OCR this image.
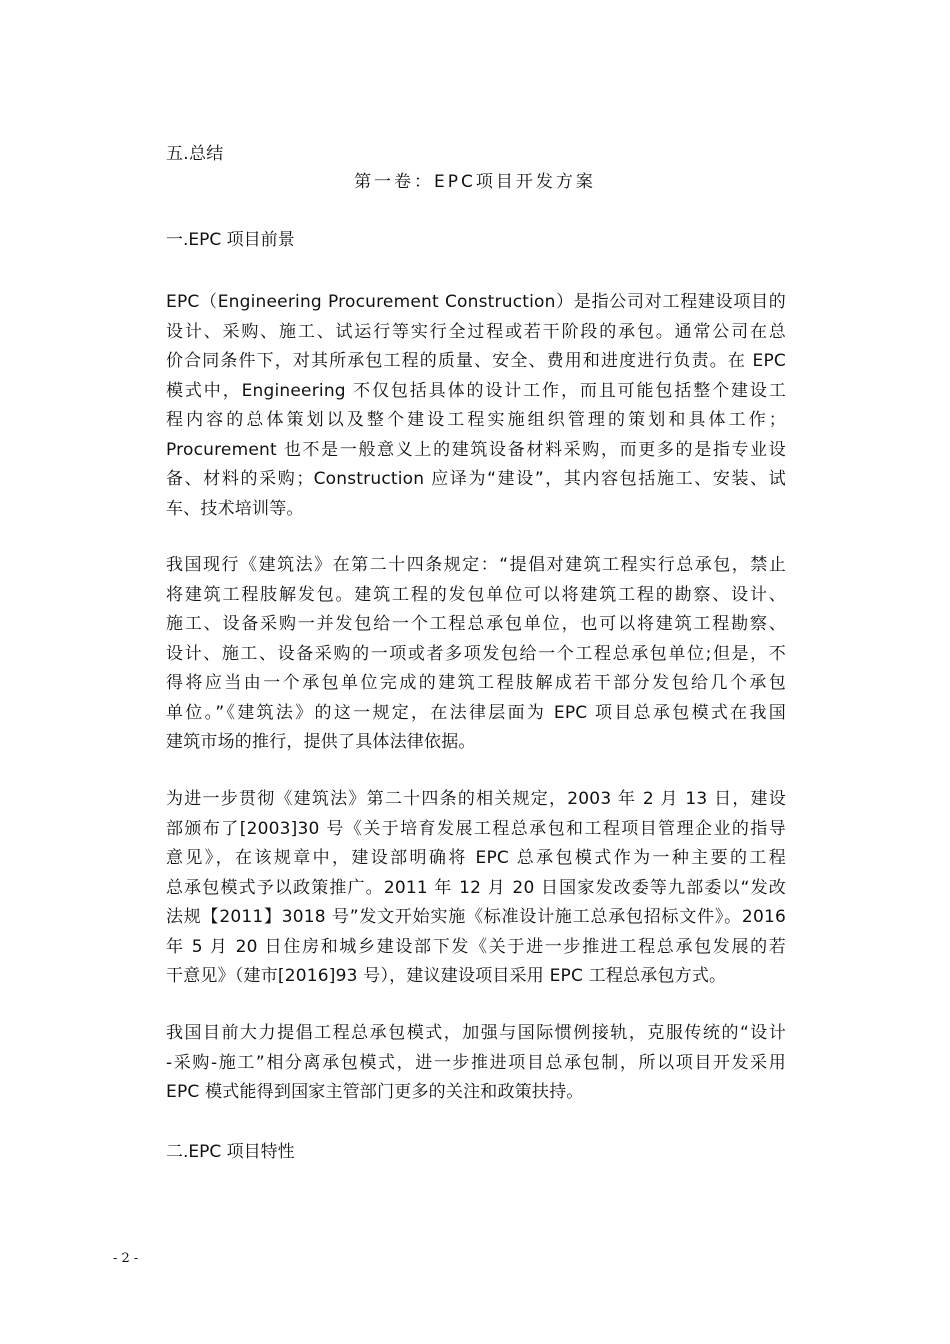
五.总结
第一卷：EPC项目开发方案
一.EPC 项目前景
EPC（Engineering Procurement Construction）是指公司对工程建设项目的
设计、采购、施工、试运行等实行全过程或若干阶段的承包。通常公司在总
价合同条件下，对其所承包工程的质量、安全、费用和进度进行负责。在 EPC
模式中，Engineering 不仅包括具体的设计工作，而且可能包括整个建设工
程内容的总体策划以及整个建设工程实施组织管理的策划和具体工作；
Procurement 也不是一般意义上的建筑设备材料采购，而更多的是指专业设
备、材料的采购；Construction 应译为“建设”，其内容包括施工、安装、试
车、技术培训等。
我国现行《建筑法》在第二十四条规定：“提倡对建筑工程实行总承包，禁止
将建筑工程肢解发包。建筑工程的发包单位可以将建筑工程的勘察、设计、
施工、设备采购一并发包给一个工程总承包单位，也可以将建筑工程勘察、
设计、施工、设备采购的一项或者多项发包给一个工程总承包单位;但是，不
得将应当由一个承包单位完成的建筑工程肢解成若干部分发包给几个承包
单位。”《建筑法》的这一规定，在法律层面为 EPC 项目总承包模式在我国
建筑市场的推行，提供了具体法律依据。
为进一步贯彻《建筑法》第二十四条的相关规定，2003 年 2 月 13 日，建设
部颁布了[2003]30 号《关于培育发展工程总承包和工程项目管理企业的指导
意见》，在该规章中，建设部明确将 EPC 总承包模式作为一种主要的工程
总承包模式予以政策推广。2011 年 12 月 20 日国家发改委等九部委以“发改
法规【2011】3018 号”发文开始实施《标准设计施工总承包招标文件》。2016
年 5 月 20 日住房和城乡建设部下发《关于进一步推进工程总承包发展的若
干意见》（建市[2016]93 号），建议建设项目采用 EPC 工程总承包方式。
我国目前大力提倡工程总承包模式，加强与国际惯例接轨，克服传统的“设计
-采购-施工”相分离承包模式，进一步推进项目总承包制，所以项目开发采用
EPC 模式能得到国家主管部门更多的关注和政策扶持。
二.EPC 项目特性
- 2 -
